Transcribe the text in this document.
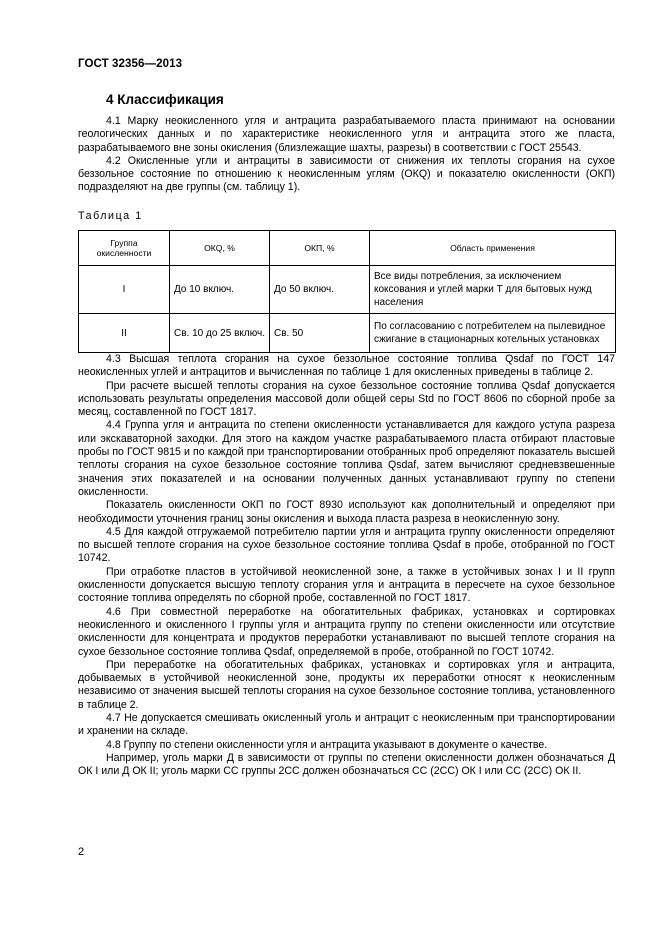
ГОСТ 32356—2013
4 Классификация

4.1 Марку неокисленного угля и антрацита разрабатываемого пласта принимают на основании геологических данных и по характеристике неокисленного угля и антрацита этого же пласта, разрабатываемого вне зоны окисления (близлежащие шахты, разрезы) в соответствии с ГОСТ 25543.

4.2 Окисленные угли и антрациты в зависимости от снижения их теплоты сгорания на сухое беззольное состояние по отношению к неокисленным углям (ОКQ) и показателю окисленности (ОКП) подразделяют на две группы (см. таблицу 1).

Таблица 1
Группа окисленности	ОКQ, %	ОКП, %	Область применения
I	До 10 включ.	До 50 включ.	Все виды потребления, за исключением коксования и углей марки Т для бытовых нужд населения
II	Св. 10 до 25 включ.	Св. 50	По согласованию с потребителем на пылевидное сжигание в стационарных котельных установках

4.3 Высшая теплота сгорания на сухое беззольное состояние топлива Qsdaf по ГОСТ 147 неокисленных углей и антрацитов и вычисленная по таблице 1 для окисленных приведены в таблице 2.

При расчете высшей теплоты сгорания на сухое беззольное состояние топлива Qsdaf допускается использовать результаты определения массовой доли общей серы Std по ГОСТ 8606 по сборной пробе за месяц, составленной по ГОСТ 1817.

4.4 Группа угля и антрацита по степени окисленности устанавливается для каждого уступа разреза или экскаваторной заходки. Для этого на каждом участке разрабатываемого пласта отбирают пластовые пробы по ГОСТ 9815 и по каждой при транспортировании отобранных проб определяют показатель высшей теплоты сгорания на сухое беззольное состояние топлива Qsdaf, затем вычисляют средневзвешенные значения этих показателей и на основании полученных данных устанавливают группу по степени окисленности.

Показатель окисленности ОКП по ГОСТ 8930 используют как дополнительный и определяют при необходимости уточнения границ зоны окисления и выхода пласта разреза в неокисленную зону.

4.5 Для каждой отгружаемой потребителю партии угля и антрацита группу окисленности определяют по высшей теплоте сгорания на сухое беззольное состояние топлива Qsdaf в пробе, отобранной по ГОСТ 10742.

При отработке пластов в устойчивой неокисленной зоне, а также в устойчивых зонах I и II групп окисленности допускается высшую теплоту сгорания угля и антрацита в пересчете на сухое беззольное состояние топлива определять по сборной пробе, составленной по ГОСТ 1817.

4.6 При совместной переработке на обогатительных фабриках, установках и сортировках неокисленного и окисленного I группы угля и антрацита группу по степени окисленности или отсутствие окисленности для концентрата и продуктов переработки устанавливают по высшей теплоте сгорания на сухое беззольное состояние топлива Qsdaf, определяемой в пробе, отобранной по ГОСТ 10742.

При переработке на обогатительных фабриках, установках и сортировках угля и антрацита, добываемых в устойчивой неокисленной зоне, продукты их переработки относят к неокисленным независимо от значения высшей теплоты сгорания на сухое беззольное состояние топлива, установленного в таблице 2.

4.7 Не допускается смешивать окисленный уголь и антрацит с неокисленным при транспортировании и хранении на складе.

4.8 Группу по степени окисленности угля и антрацита указывают в документе о качестве.

Например, уголь марки Д в зависимости от группы по степени окисленности должен обозначаться Д ОК I или Д ОК II; уголь марки СС группы 2СС должен обозначаться СС (2СС) ОК I или СС (2СС) ОК II.

2
